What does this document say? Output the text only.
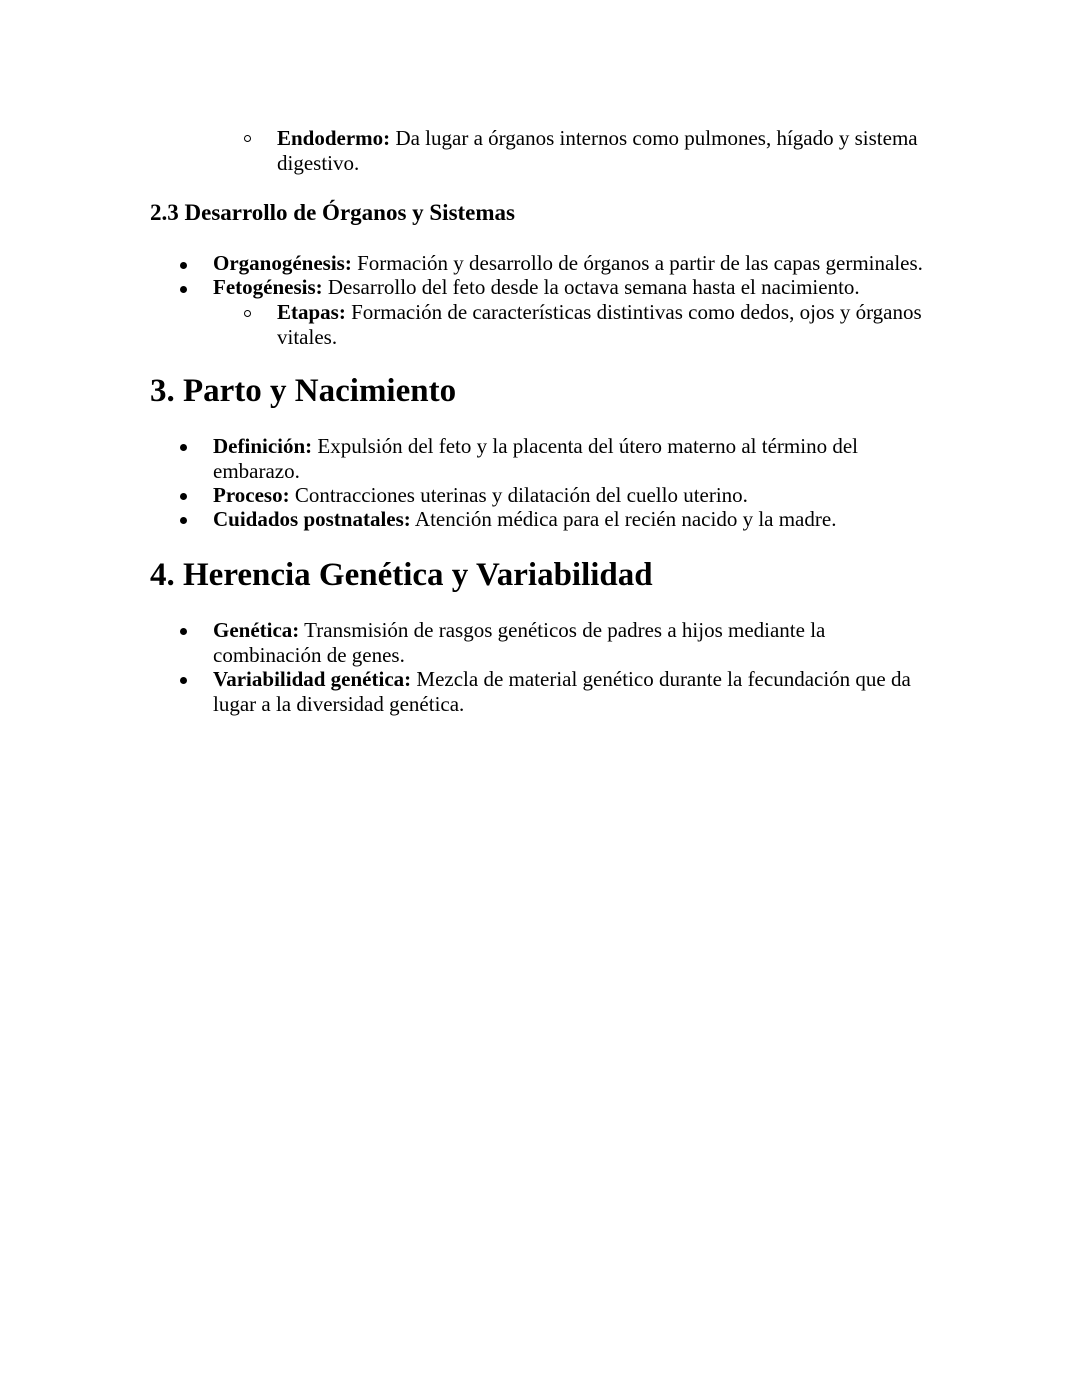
Endodermo: Da lugar a órganos internos como pulmones, hígado y sistema
digestivo.
2.3 Desarrollo de Órganos y Sistemas
Organogénesis: Formación y desarrollo de órganos a partir de las capas germinales.
Fetogénesis: Desarrollo del feto desde la octava semana hasta el nacimiento.
Etapas: Formación de características distintivas como dedos, ojos y órganos
vitales.
3. Parto y Nacimiento
Definición: Expulsión del feto y la placenta del útero materno al término del
embarazo.
Proceso: Contracciones uterinas y dilatación del cuello uterino.
Cuidados postnatales: Atención médica para el recién nacido y la madre.
4. Herencia Genética y Variabilidad
Genética: Transmisión de rasgos genéticos de padres a hijos mediante la
combinación de genes.
Variabilidad genética: Mezcla de material genético durante la fecundación que da
lugar a la diversidad genética.
